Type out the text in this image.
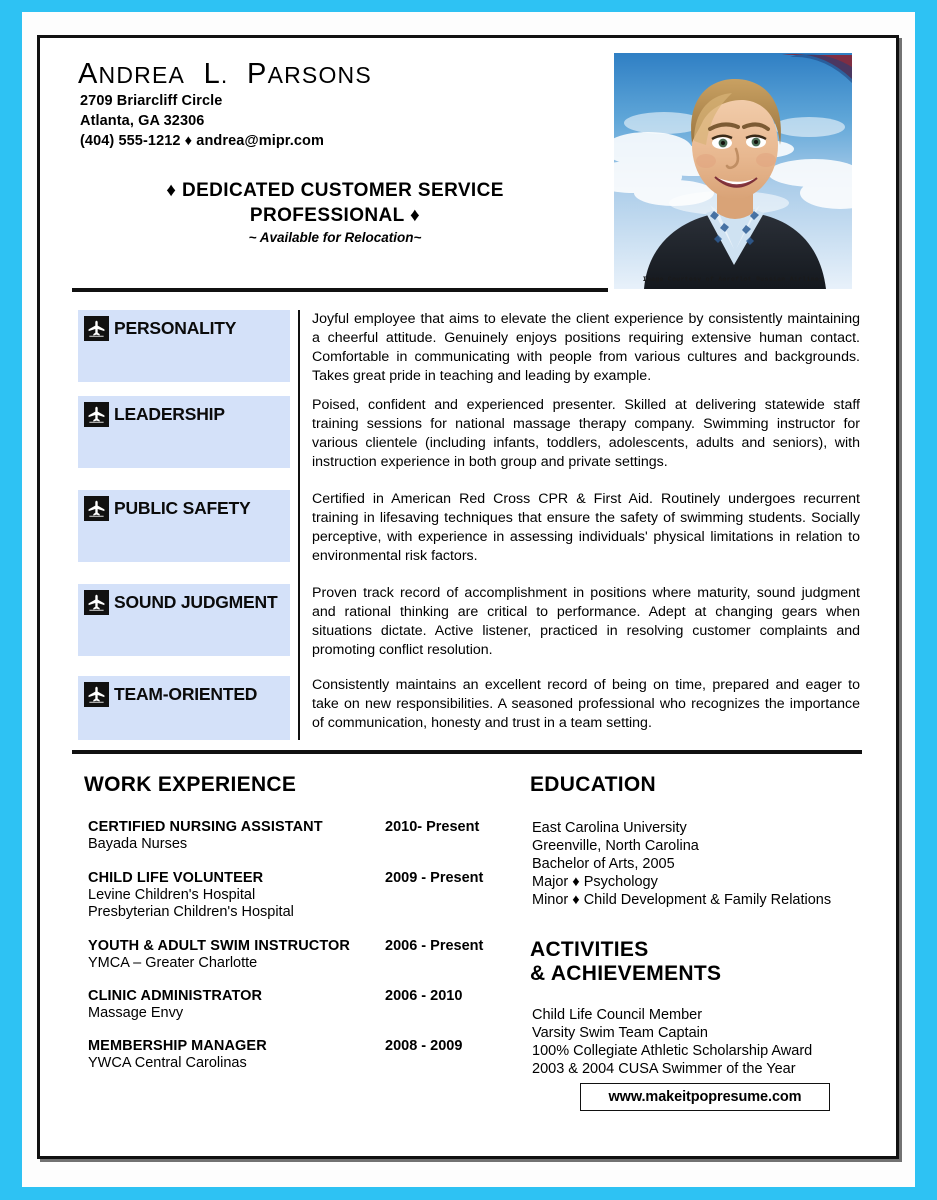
ANDREA L. PARSONS
2709 Briarcliff Circle
Atlanta, GA 32306
(404) 555-1212 ♦ andrea@mipr.com
♦ DEDICATED CUSTOMER SERVICE PROFESSIONAL ♦
~ Available for Relocation~
Image Courtesy of Aeroflot Russian Airlines
PERSONALITY	Joyful employee that aims to elevate the client experience by consistently maintaining a cheerful attitude. Genuinely enjoys positions requiring extensive human contact. Comfortable in communicating with people from various cultures and backgrounds. Takes great pride in teaching and leading by example.
LEADERSHIP	Poised, confident and experienced presenter. Skilled at delivering statewide staff training sessions for national massage therapy company. Swimming instructor for various clientele (including infants, toddlers, adolescents, adults and seniors), with instruction experience in both group and private settings.
PUBLIC SAFETY	Certified in American Red Cross CPR & First Aid. Routinely undergoes recurrent training in lifesaving techniques that ensure the safety of swimming students. Socially perceptive, with experience in assessing individuals' physical limitations in relation to environmental risk factors.
SOUND JUDGMENT Proven track record of accomplishment in positions where maturity, sound judgment and rational thinking are critical to performance. Adept at changing gears when situations dictate. Active listener, practiced in resolving customer complaints and promoting conflict resolution.
TEAM-ORIENTED	Consistently maintains an excellent record of being on time, prepared and eager to take on new responsibilities. A seasoned professional who recognizes the importance of communication, honesty and trust in a team setting.
WORK EXPERIENCE
CERTIFIED NURSING ASSISTANT	2010- Present
Bayada Nurses
CHILD LIFE VOLUNTEER	2009 - Present
Levine Children's Hospital
Presbyterian Children's Hospital
YOUTH & ADULT SWIM INSTRUCTOR 2006 - Present
YMCA – Greater Charlotte
CLINIC ADMINISTRATOR	2006 - 2010
Massage Envy
MEMBERSHIP MANAGER	2008 - 2009
YWCA Central Carolinas
EDUCATION
East Carolina University
Greenville, North Carolina
Bachelor of Arts, 2005
Major ♦ Psychology
Minor ♦ Child Development & Family Relations
ACTIVITIES
& ACHIEVEMENTS
Child Life Council Member
Varsity Swim Team Captain
100% Collegiate Athletic Scholarship Award
2003 & 2004 CUSA Swimmer of the Year
www.makeitpopresume.com
